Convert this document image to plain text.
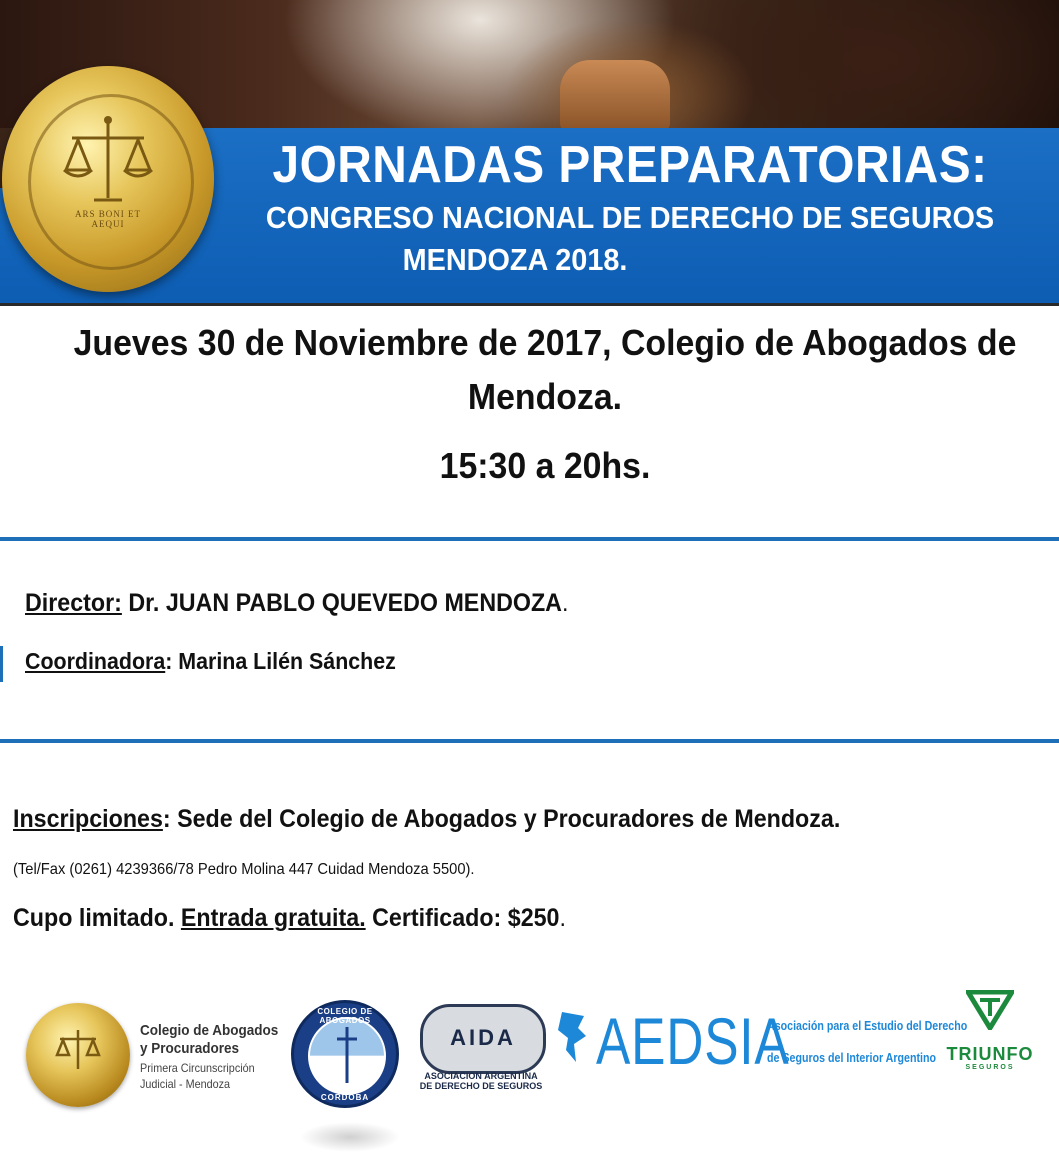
ARS BONI ET AEQUI
JORNADAS PREPARATORIAS:
CONGRESO NACIONAL DE DERECHO DE SEGUROS
MENDOZA 2018.
Jueves 30 de Noviembre de 2017, Colegio de Abogados de Mendoza.
15:30 a 20hs.
Director: Dr. JUAN PABLO QUEVEDO MENDOZA.
Coordinadora: Marina Lilén Sánchez
Inscripciones: Sede del Colegio de Abogados y Procuradores de Mendoza.
(Tel/Fax (0261) 4239366/78 Pedro Molina 447 Cuidad Mendoza 5500).
Cupo limitado. Entrada gratuita. Certificado: $250.
Colegio de Abogados
y Procuradores
Primera Circunscripción
Judicial - Mendoza
COLEGIO DE ABOGADOS
CORDOBA
AIDA
ASOCIACION ARGENTINA
DE DERECHO DE SEGUROS
AEDSIA
Asociación para el Estudio del Derecho
de Seguros del Interior Argentino TRIUNFO
SEGUROS
